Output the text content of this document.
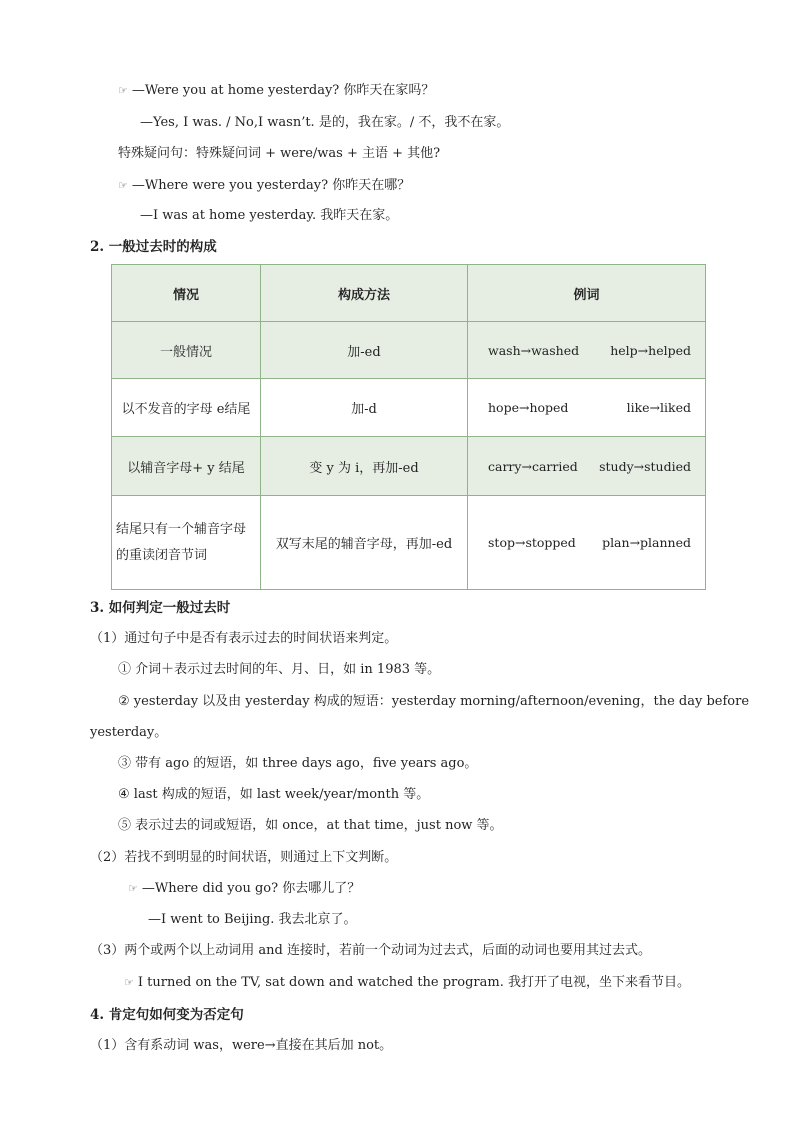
☞ —Were you at home yesterday? 你昨天在家吗？
—Yes, I was. / No,I wasn’t. 是的，我在家。/ 不，我不在家。
特殊疑问句：特殊疑问词 + were/was + 主语 + 其他?
☞ —Where were you yesterday? 你昨天在哪？
—I was at home yesterday. 我昨天在家。
2. 一般过去时的构成
情况	构成方法	例词
一般情况	加-ed	wash→washed help→helped

以不发音的字母 e结尾	加-d	hope→hoped like→liked

以辅音字母+ y 结尾	变 y 为 i，再加-ed	carry→carried study→studied

结尾只有一个辅音字母的重读闭音节词	双写末尾的辅音字母，再加-ed	stop→stopped plan→planned
3. 如何判定一般过去时
（1）通过句子中是否有表示过去的时间状语来判定。
① 介词＋表示过去时间的年、月、日，如 in 1983 等。
② yesterday 以及由 yesterday 构成的短语：yesterday morning/afternoon/evening，the day before
yesterday。
③ 带有 ago 的短语，如 three days ago，five years ago。
④ last 构成的短语，如 last week/year/month 等。
⑤ 表示过去的词或短语，如 once，at that time，just now 等。
（2）若找不到明显的时间状语，则通过上下文判断。
☞ —Where did you go? 你去哪儿了？
—I went to Beijing. 我去北京了。
（3）两个或两个以上动词用 and 连接时，若前一个动词为过去式，后面的动词也要用其过去式。
☞ I turned on the TV, sat down and watched the program. 我打开了电视，坐下来看节目。
4. 肯定句如何变为否定句
（1）含有系动词 was，were→直接在其后加 not。
